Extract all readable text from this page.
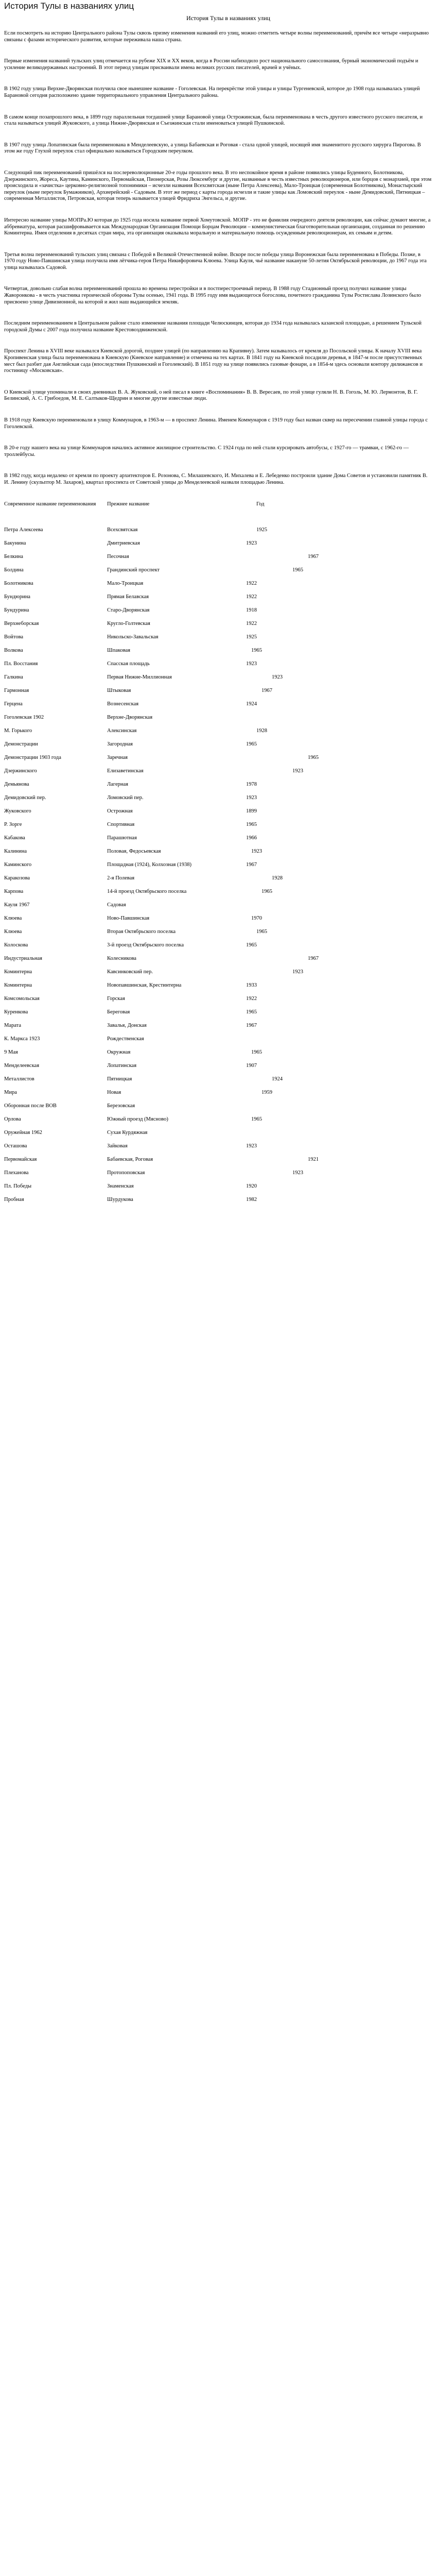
История Тулы в названиях улиц
История Тулы в названиях улиц

Если посмотреть на историю Центрального района Тулы сквозь призму изменения названий его улиц, можно отметить четыре волны переименований, причём все четыре «неразрывно связаны с фазами исторического развития, которые переживала наша страна.

Первые изменения названий тульских улиц отмечается на рубеже XIX и XX веков, когда в России набиходило рост национального самосознания, бурный экономический подъём и усиление великодержавных настроений. В этот период улицам присваивали имена великих русских писателей, врачей и учёных.

В 1902 году улица Верхне-Дворянская получила свое нынешнее название - Гоголевская. На перекрёстке этой улицы и улицы Тургеневской, которое до 1908 года называлась улицей Барановой сегодня расположено здание территориального управления Центрального района.

В самом конце позапрошлого века, в 1899 году параллельная тогдашней улице Барановой улица Острожинская, была переименована в честь другого известного русского писателя, и стала называться улицей Жуковского, а улица Нижне-Дворянская и Съезжинская стали именоваться улицей Пушкинской.

В 1907 году улица Лопатинская была переименована в Менделеевскую, а улица Бабаевская и Роговая - стала одной улицей, носящей имя знаменитого русского хирурга Пирогова. В этом же году Глухой переулок стал официально называться Городским переулком.

Следующий пик переименований пришёлся на послереволюционные 20-е годы прошлого века. В это неспокойное время в районе появились улицы Буденного, Болотникова, Дзержинского, Жореса, Каутина, Каминского, Первомайская, Пионерская, Розы Люксембург и другие, названные в честь известных революционеров, или борцов с монархией, при этом происходила и «зачистка» церковно-религиозной топонимики – исчезли названия Всехсвятская (ныне Петра Алексеева), Мало-Троицкая (современная Болотникова), Монастырский переулок (ныне переулок Бумажников), Архиерейский - Садовым. В этот же период с карты города исчезли и такие улицы как Ломовский переулок - ныне Демидовский, Пятницкая – современная Металлистов, Петровская, которая теперь называется улицей Фридриха Энгельса, и другие.

Интересно название улицы МОПРа.Ю которая до 1925 года носила название первой Хомутовской. МОПР - это не фамилия очередного деятеля революции, как сейчас думают многие, а аббревиатура, которая расшифровывается как Международная Организация Помощи Борцам Революции – коммунистическая благотворительная организация, созданная по решению Коминтерна. Имея отделения в десятках стран мира, эта организация оказывала моральную и материальную помощь осужденным революционерам, их семьям и детям.

Третья волна переименований тульских улиц связана с Победой в Великой Отечественной войне. Вскоре после победы улица Воронежская была переименована в Победы. Позже, в 1970 году Ново-Павшинская улица получила имя лётчика-героя Петра Никифоровича Клюева. Улица Кауля, чьё название накануне 50-летия Октябрьской революции, до 1967 года эта улица называлась Садовой.

Четвертая, довольно слабая волна переименований прошла во времена перестройки и в постперестроечный период. В 1988 году Стадионный проезд получил название улицы Жаворонкова - в честь участника героической обороны Тулы осенью, 1941 года. В 1995 году имя выдающегося богослова, почетного гражданина Тулы Ростислава Лозинского было присвоено улице Дивизионной, на которой и жил наш выдающийся земляк.

Последним переименованием в Центральном районе стало изменение названия площади Челюскинцев, которая до 1934 года называлась казанской площадью, а решением Тульской городской Думы с 2007 года получила название Крестовоздвиженской.

Проспект Ленина в XVIII веке назывался Киевской дорогой, позднее улицей (по направлению на Крапивну). Затем называлось от кремля до Посольской улицы. К началу XVIII века Кропивенская улица была переименована в Киевскую (Киевское направление) и отмечена на тех картах. В 1841 году на Киевской посадили деревья, в 1847-м после присутственных мест был разбит дая Английская сада (впоследствии Пушкинский и Гоголевский). В 1851 году на улице появились газовые фонари, а в 1854-м здесь основали контору дилижансов и гостиницу «Московская».

О Киевской улице упоминали в своих дневниках В. А. Жуковский, о ней писал в книге «Воспоминания» В. В. Вересаев, по этой улице гуляли Н. В. Гоголь, М. Ю. Лермонтов, В. Г. Белинский, А. С. Грибоедов, М. Е. Салтыков-Щедрин и многие другие известные люди.

В 1918 году Киевскую переименовали в улицу Коммунаров, в 1963-м — в проспект Ленина. Именем Коммунаров с 1919 году был назван сквер на пересечении главной улицы города с Гоголевской.

В 20-е году нашего века на улице Коммунаров начались активное жилищное строительство. С 1924 года по ней стали курсировать автобусы, с 1927-го — трамваи, с 1962-го — троллейбусы.

В 1982 году, когда недалеко от кремля по проекту архитекторов Е. Розонова, С. Милашевского, И. Михалева и Е. Лебеденко построили здание Дома Советов и установили памятник В. И. Ленину (скульптор М. Захаров), квартал проспекта от Советской улицы до Менделеевской назвали площадью Ленина.

Современное название переименования	Прежнее название	Год
Петра Алексеева	Всехсвятская	1925
Бакунина	Дмитриевская	1923
Белкина	Песочная	1967
Болдина	Грандинский проспект	1965
Болотникова	Мало-Троицкая	1922
Бундюрина	Прямая Белавская	1922
Бундурина	Старо-Дворянская	1918
Верхнеборская	Кругло-Голтевская	1922
Войтова	Никольско-Завальская	1925
Волкова	Шпаковая	1965
Пл. Восстания	Спасская площадь	1923
Галкина	Первая Нижне-Миллионная	1923
Гармонная	Штыковая	1967
Герцена	Вознесенская	1924
Гоголевская 1902	Верхне-Дворянская
М. Горького	Алексинская	1928
Демонстрации	Загородная	1965
Демонстрации 1903 года	Заречная	1965
Дзержинского	Елизаветинская	1923
Демьянова	Лагерная	1978
Демидовский пер.	Ломовский пер.	1923
Жуковского	Острожная	1899
Р. Зорге	Спортивная	1965
Кабакова	Парашютная	1966
Калинина	Половая, Федосьевская	1923
Каминского	Площадная (1924), Колхозная (1938)	1967
Каракозова	2-я Полевая	1928
Карпова	14-й проезд Октябрьского поселка	1965
Кауля 1967	Садовая
Клюева	Ново-Павшинская	1970
Клюева	Вторая Октябрьского поселка	1965
Колоскова	3-й проезд Октябрьского поселка	1965
Индустриальная	Колесникова	1967
Коминтерна	Кавсинковский пер.	1923
Коминтерна	Новопавшинская, Крестинтерна	1933
Комсомольская	Горская	1922
Куренкова	Береговая	1965
Марата	Завалья, Донская	1967
К. Маркса 1923	Рождественская
9 Мая	Окружная	1965
Менделеевская	Лопатинская	1907
Металлистов	Пятницкая	1924
Мира	Новая	1959
Оборонная после ВОВ	Березовская
Орлова	Южный проезд (Мясново)	1965
Оружейная 1962	Сухая Курдяжная
Осташова	Зайковая	1923
Первомайская	Бабаевская, Роговая	1921
Плеханова	Протопоповская	1923
Пл. Победы	Знаменская	1920
Пробная	Шурдукова	1982
